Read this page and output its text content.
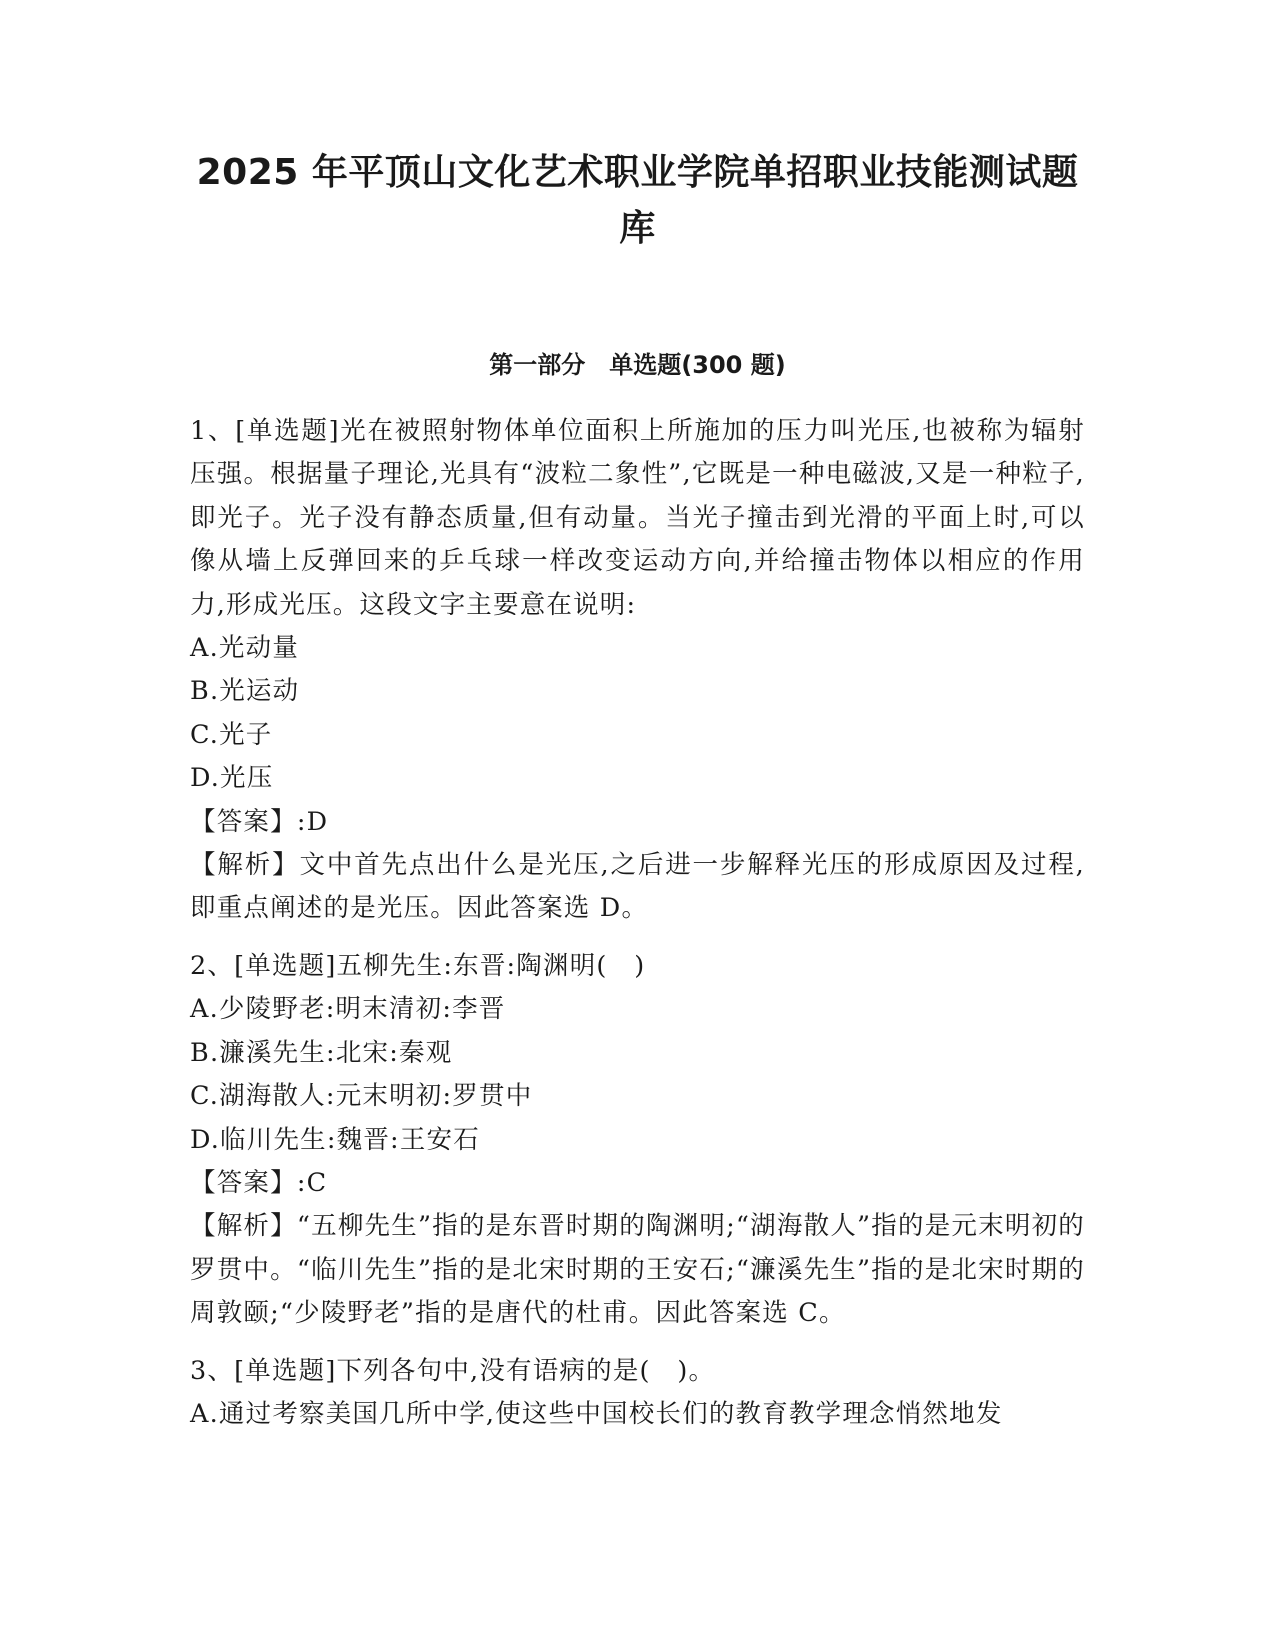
2025 年平顶山文化艺术职业学院单招职业技能测试题库
第一部分　单选题(300 题)

1、[单选题]光在被照射物体单位面积上所施加的压力叫光压,也被称为辐射压强。根据量子理论,光具有“波粒二象性”,它既是一种电磁波,又是一种粒子,即光子。光子没有静态质量,但有动量。当光子撞击到光滑的平面上时,可以像从墙上反弹回来的乒乓球一样改变运动方向,并给撞击物体以相应的作用力,形成光压。这段文字主要意在说明:

A.光动量

B.光运动

C.光子

D.光压

【答案】:D

【解析】文中首先点出什么是光压,之后进一步解释光压的形成原因及过程,即重点阐述的是光压。因此答案选 D。

2、[单选题]五柳先生:东晋:陶渊明(　)

A.少陵野老:明末清初:李晋

B.濂溪先生:北宋:秦观

C.湖海散人:元末明初:罗贯中

D.临川先生:魏晋:王安石

【答案】:C

【解析】“五柳先生”指的是东晋时期的陶渊明;“湖海散人”指的是元末明初的罗贯中。“临川先生”指的是北宋时期的王安石;“濂溪先生”指的是北宋时期的周敦颐;“少陵野老”指的是唐代的杜甫。因此答案选 C。

3、[单选题]下列各句中,没有语病的是(　)。

A.通过考察美国几所中学,使这些中国校长们的教育教学理念悄然地发
